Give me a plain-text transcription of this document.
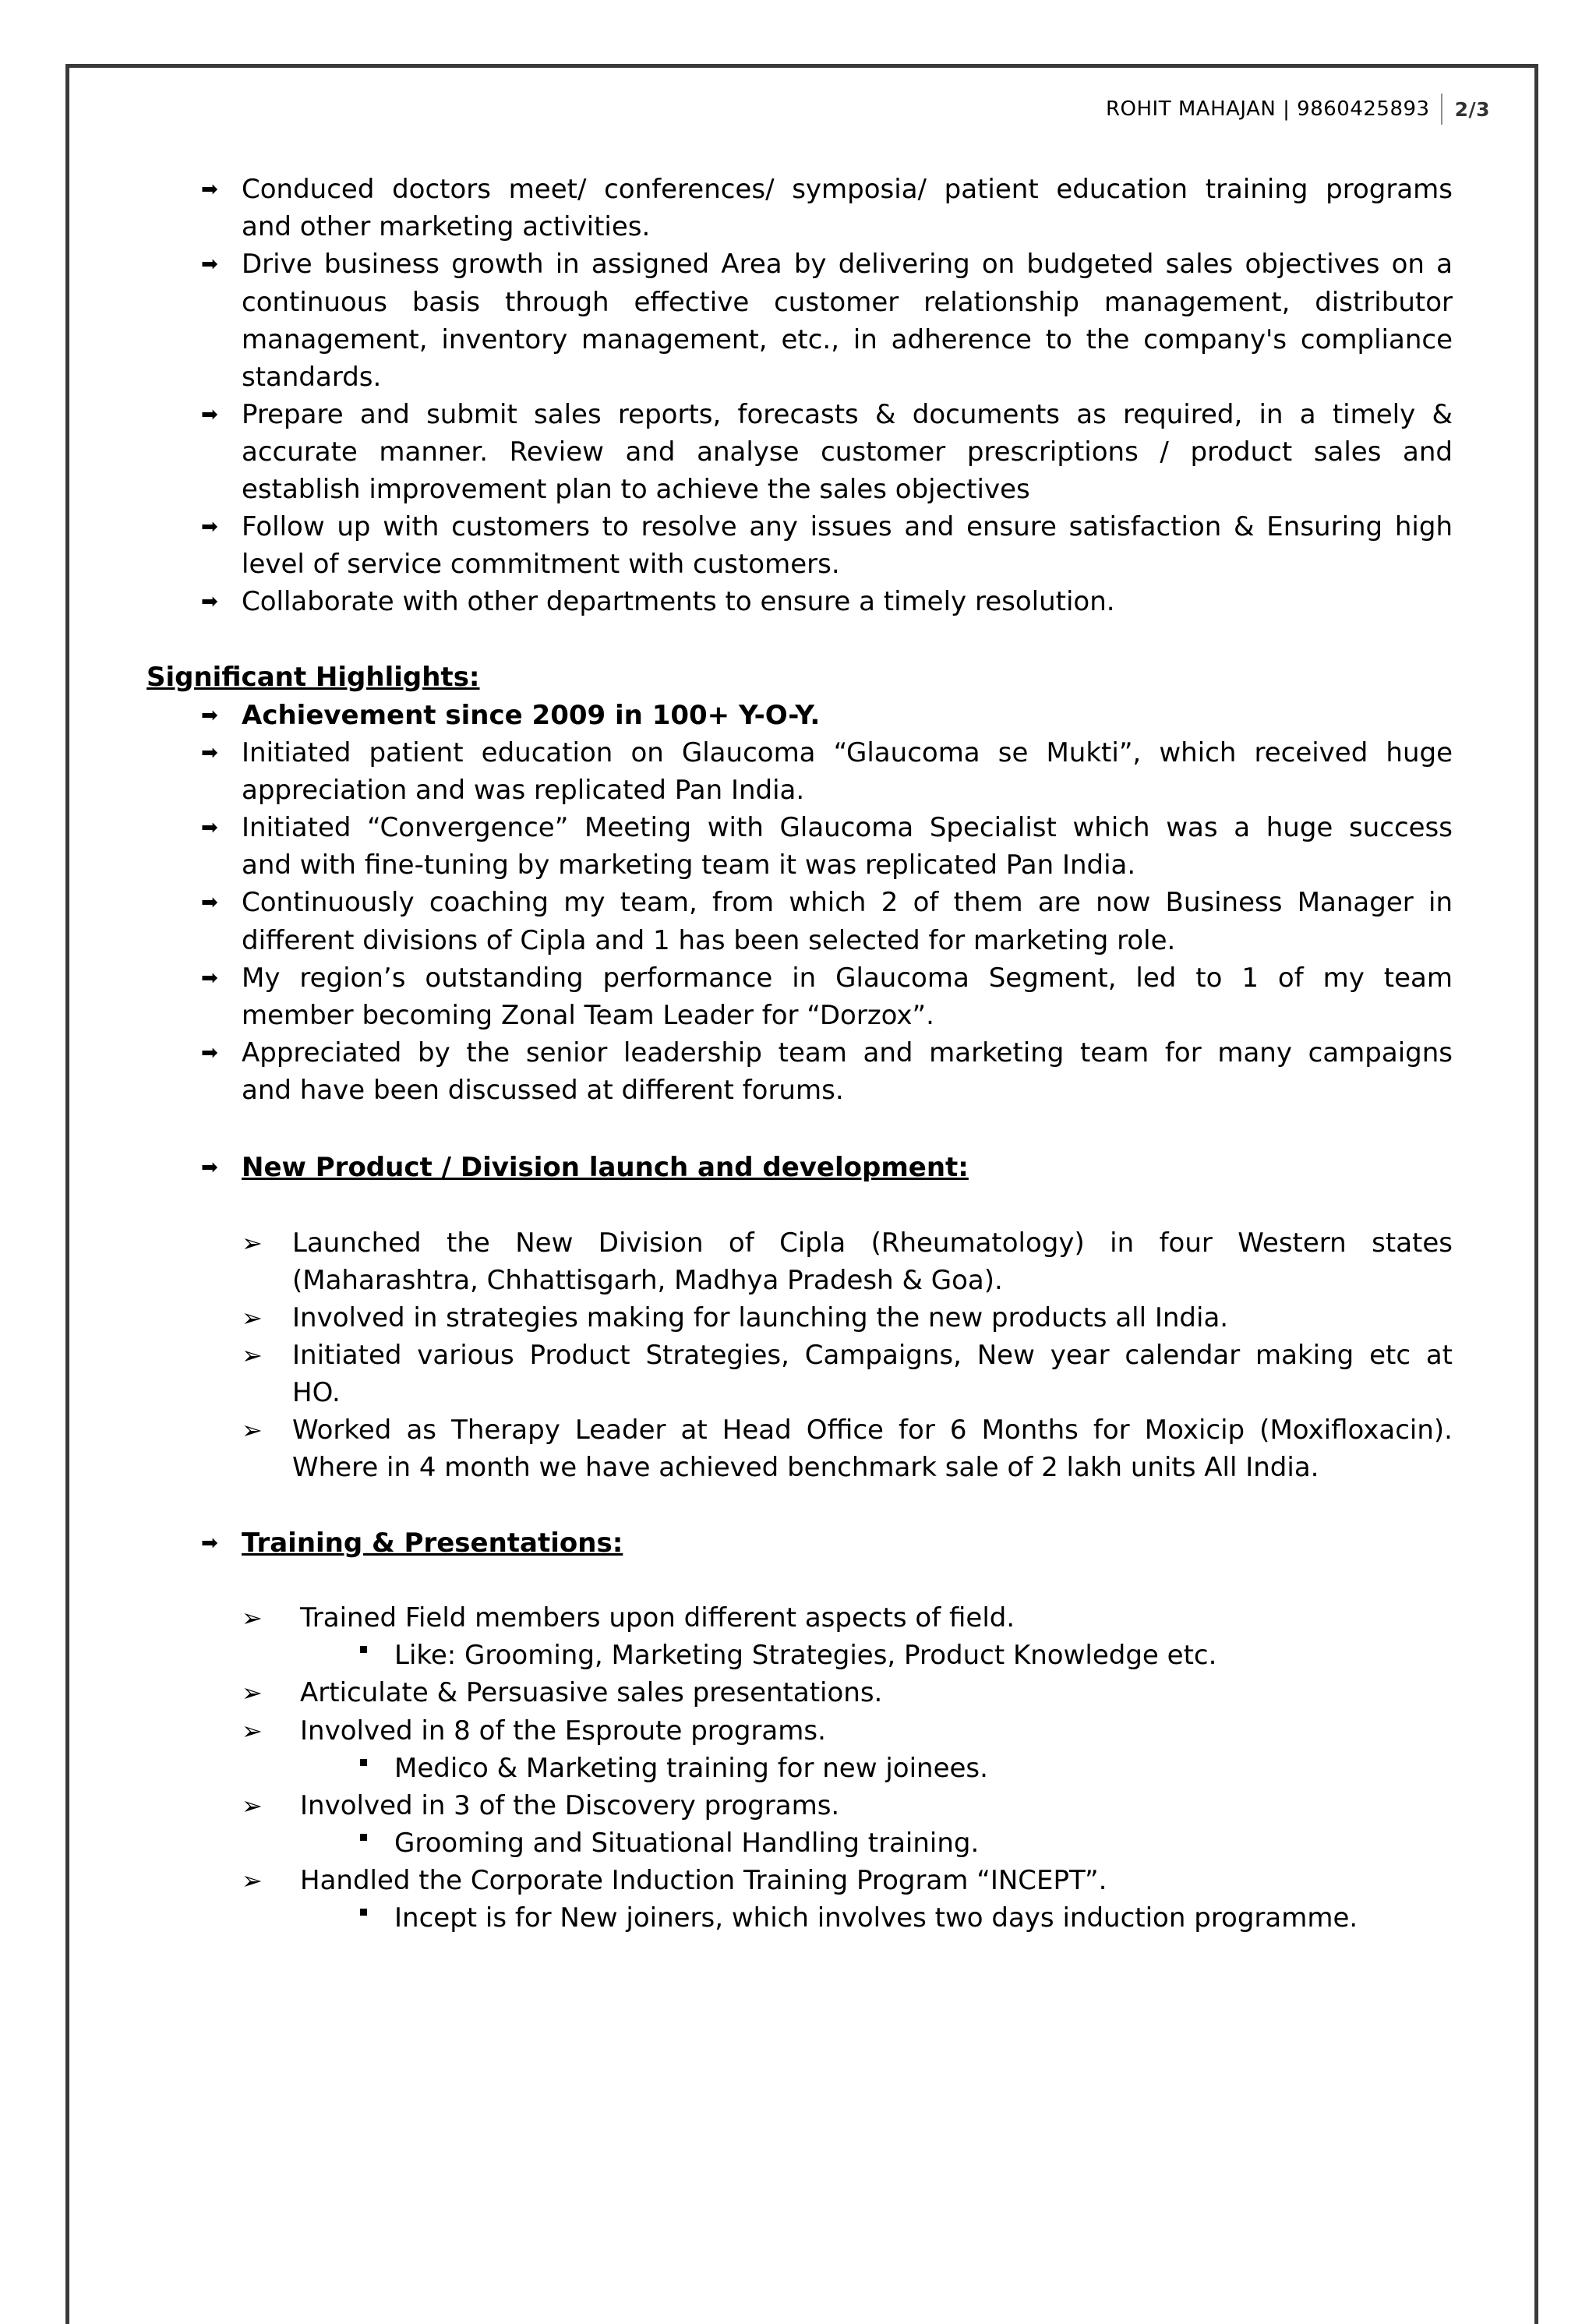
ROHIT MAHAJAN | 9860425893 2/3
➡ Conduced doctors meet/ conferences/ symposia/ patient education training programs
and other marketing activities.
➡ Drive business growth in assigned Area by delivering on budgeted sales objectives on a
continuous basis through effective customer relationship management, distributor
management, inventory management, etc., in adherence to the company's compliance
standards.
➡ Prepare and submit sales reports, forecasts & documents as required, in a timely &
accurate manner. Review and analyse customer prescriptions / product sales and
establish improvement plan to achieve the sales objectives
➡ Follow up with customers to resolve any issues and ensure satisfaction & Ensuring high
level of service commitment with customers.
➡ Collaborate with other departments to ensure a timely resolution.
Significant Highlights:
➡ Achievement since 2009 in 100+ Y-O-Y.
➡ Initiated patient education on Glaucoma “Glaucoma se Mukti”, which received huge
appreciation and was replicated Pan India.
➡ Initiated “Convergence” Meeting with Glaucoma Specialist which was a huge success
and with fine-tuning by marketing team it was replicated Pan India.
➡ Continuously coaching my team, from which 2 of them are now Business Manager in
different divisions of Cipla and 1 has been selected for marketing role.
➡ My region’s outstanding performance in Glaucoma Segment, led to 1 of my team
member becoming Zonal Team Leader for “Dorzox”.
➡ Appreciated by the senior leadership team and marketing team for many campaigns
and have been discussed at different forums.
➡ New Product / Division launch and development:
➢ Launched the New Division of Cipla (Rheumatology) in four Western states
(Maharashtra, Chhattisgarh, Madhya Pradesh & Goa).
➢ Involved in strategies making for launching the new products all India.
➢ Initiated various Product Strategies, Campaigns, New year calendar making etc at
HO.
➢ Worked as Therapy Leader at Head Office for 6 Months for Moxicip (Moxifloxacin).
Where in 4 month we have achieved benchmark sale of 2 lakh units All India.
➡ Training & Presentations:
➢ Trained Field members upon different aspects of field.
Like: Grooming, Marketing Strategies, Product Knowledge etc.
➢ Articulate & Persuasive sales presentations.
➢ Involved in 8 of the Esproute programs.
Medico & Marketing training for new joinees.
➢ Involved in 3 of the Discovery programs.
Grooming and Situational Handling training.
➢ Handled the Corporate Induction Training Program “INCEPT”.
Incept is for New joiners, which involves two days induction programme.
